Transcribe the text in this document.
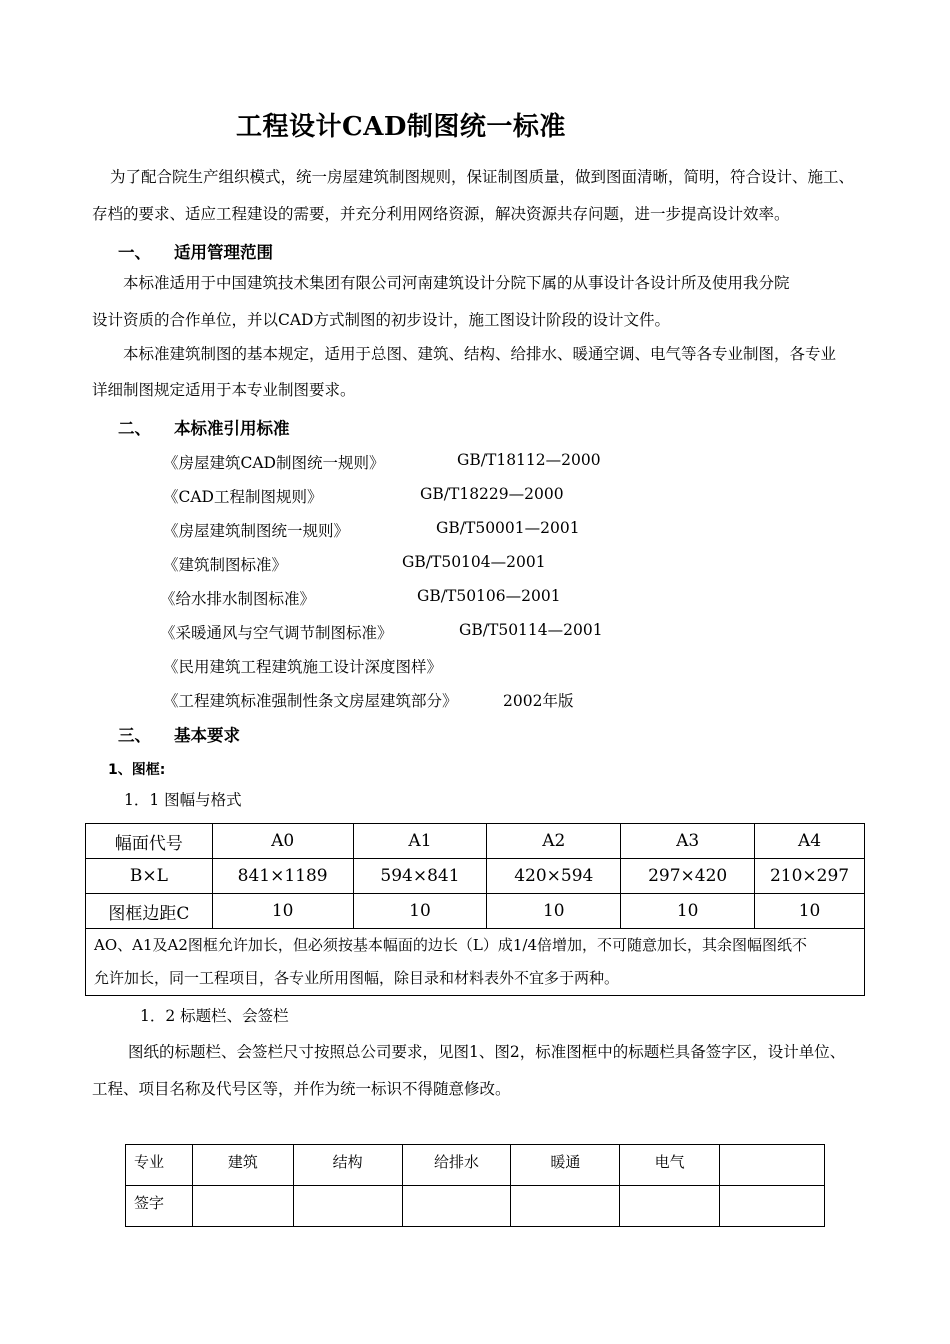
工程设计CAD制图统一标准
为了配合院生产组织模式，统一房屋建筑制图规则，保证制图质量，做到图面清晰，简明，符合设计、施工、
存档的要求、适应工程建设的需要，并充分利用网络资源，解决资源共存问题，进一步提高设计效率。
一、 适用管理范围
本标准适用于中国建筑技术集团有限公司河南建筑设计分院下属的从事设计各设计所及使用我分院
设计资质的合作单位，并以CAD方式制图的初步设计，施工图设计阶段的设计文件。
本标准建筑制图的基本规定，适用于总图、建筑、结构、给排水、暖通空调、电气等各专业制图，各专业
详细制图规定适用于本专业制图要求。
二、 本标准引用标准
《房屋建筑CAD制图统一规则》	GB/T18112—2000
《CAD工程制图规则》	GB/T18229—2000
《房屋建筑制图统一规则》	GB/T50001—2001
《建筑制图标准》	GB/T50104—2001
《给水排水制图标准》	GB/T50106—2001
《采暖通风与空气调节制图标准》	GB/T50114—2001
《民用建筑工程建筑施工设计深度图样》
《工程建筑标准强制性条文房屋建筑部分》	2002年版
三、 基本要求
1、图框:
1．1 图幅与格式
幅面代号	A0	A1	A2	A3	A4
B×L	841×1189	594×841	420×594	297×420	210×297
图框边距C	10	10	10	10	10

AO、A1及A2图框允许加长，但必须按基本幅面的边长（L）成1/4倍增加，不可随意加长，其余图幅图纸不
允许加长，同一工程项目，各专业所用图幅，除目录和材料表外不宜多于两种。					
1．2 标题栏、会签栏
图纸的标题栏、会签栏尺寸按照总公司要求，见图1、图2，标准图框中的标题栏具备签字区，设计单位、
工程、项目名称及代号区等，并作为统一标识不得随意修改。
专业	建筑	结构	给排水	暖通	电气	
签字						
